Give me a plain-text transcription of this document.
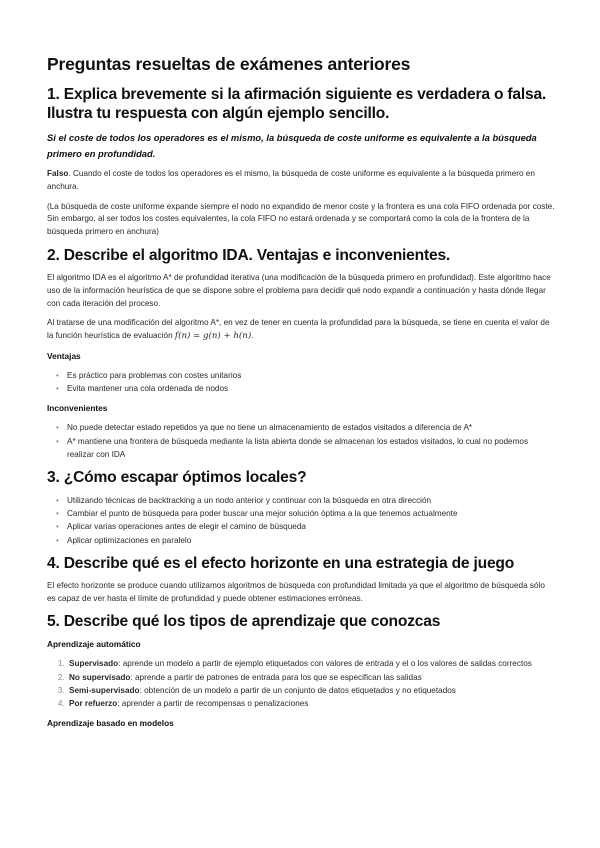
Preguntas resueltas de exámenes anteriores
1. Explica brevemente si la afirmación siguiente es verdadera o falsa. Ilustra tu respuesta con algún ejemplo sencillo.

Si el coste de todos los operadores es el mismo, la búsqueda de coste uniforme es equivalente a la búsqueda primero en profundidad.

Falso. Cuando el coste de todos los operadores es el mismo, la búsqueda de coste uniforme es equivalente a la búsqueda primero en anchura.

(La búsqueda de coste uniforme expande siempre el nodo no expandido de menor coste y la frontera es una cola FIFO ordenada por coste. Sin embargo, al ser todos los costes equivalentes, la cola FIFO no estará ordenada y se comportará como la cola de la frontera de la búsqueda primero en anchura)

2. Describe el algoritmo IDA. Ventajas e inconvenientes.

El algoritmo IDA es el algoritmo A* de profundidad iterativa (una modificación de la búsqueda primero en profundidad). Este algoritmo hace uso de la información heurística de que se dispone sobre el problema para decidir qué nodo expandir a continuación y hasta dónde llegar con cada iteración del proceso.

Al tratarse de una modificación del algoritmo A*, en vez de tener en cuenta la profundidad para la búsqueda, se tiene en cuenta el valor de la función heurística de evaluación f(n) = g(n) + h(n).

Ventajas
• Es práctico para problemas con costes unitarios
• Evita mantener una cola ordenada de nodos
Inconvenientes
• No puede detectar estado repetidos ya que no tiene un almacenamiento de estados visitados a diferencia de A*
• A* mantiene una frontera de búsqueda mediante la lista abierta donde se almacenan los estados visitados, lo cual no podemos realizar con IDA
3. ¿Cómo escapar óptimos locales?
• Utilizando técnicas de backtracking a un nodo anterior y continuar con la búsqueda en otra dirección
• Cambiar el punto de búsqueda para poder buscar una mejor solución óptima a la que tenemos actualmente
• Aplicar varias operaciones antes de elegir el camino de búsqueda
• Aplicar optimizaciones en paralelo
4. Describe qué es el efecto horizonte en una estrategia de juego

El efecto horizonte se produce cuando utilizamos algoritmos de búsqueda con profundidad limitada ya que el algoritmo de búsqueda sólo es capaz de ver hasta el límite de profundidad y puede obtener estimaciones erróneas.

5. Describe qué los tipos de aprendizaje que conozcas
Aprendizaje automático
1. Supervisado: aprende un modelo a partir de ejemplo etiquetados con valores de entrada y el o los valores de salidas correctos
2. No supervisado: aprende a partir de patrones de entrada para los que se especifican las salidas
3. Semi-supervisado: obtención de un modelo a partir de un conjunto de datos etiquetados y no etiquetados
4. Por refuerzo: aprender a partir de recompensas o penalizaciones
Aprendizaje basado en modelos
